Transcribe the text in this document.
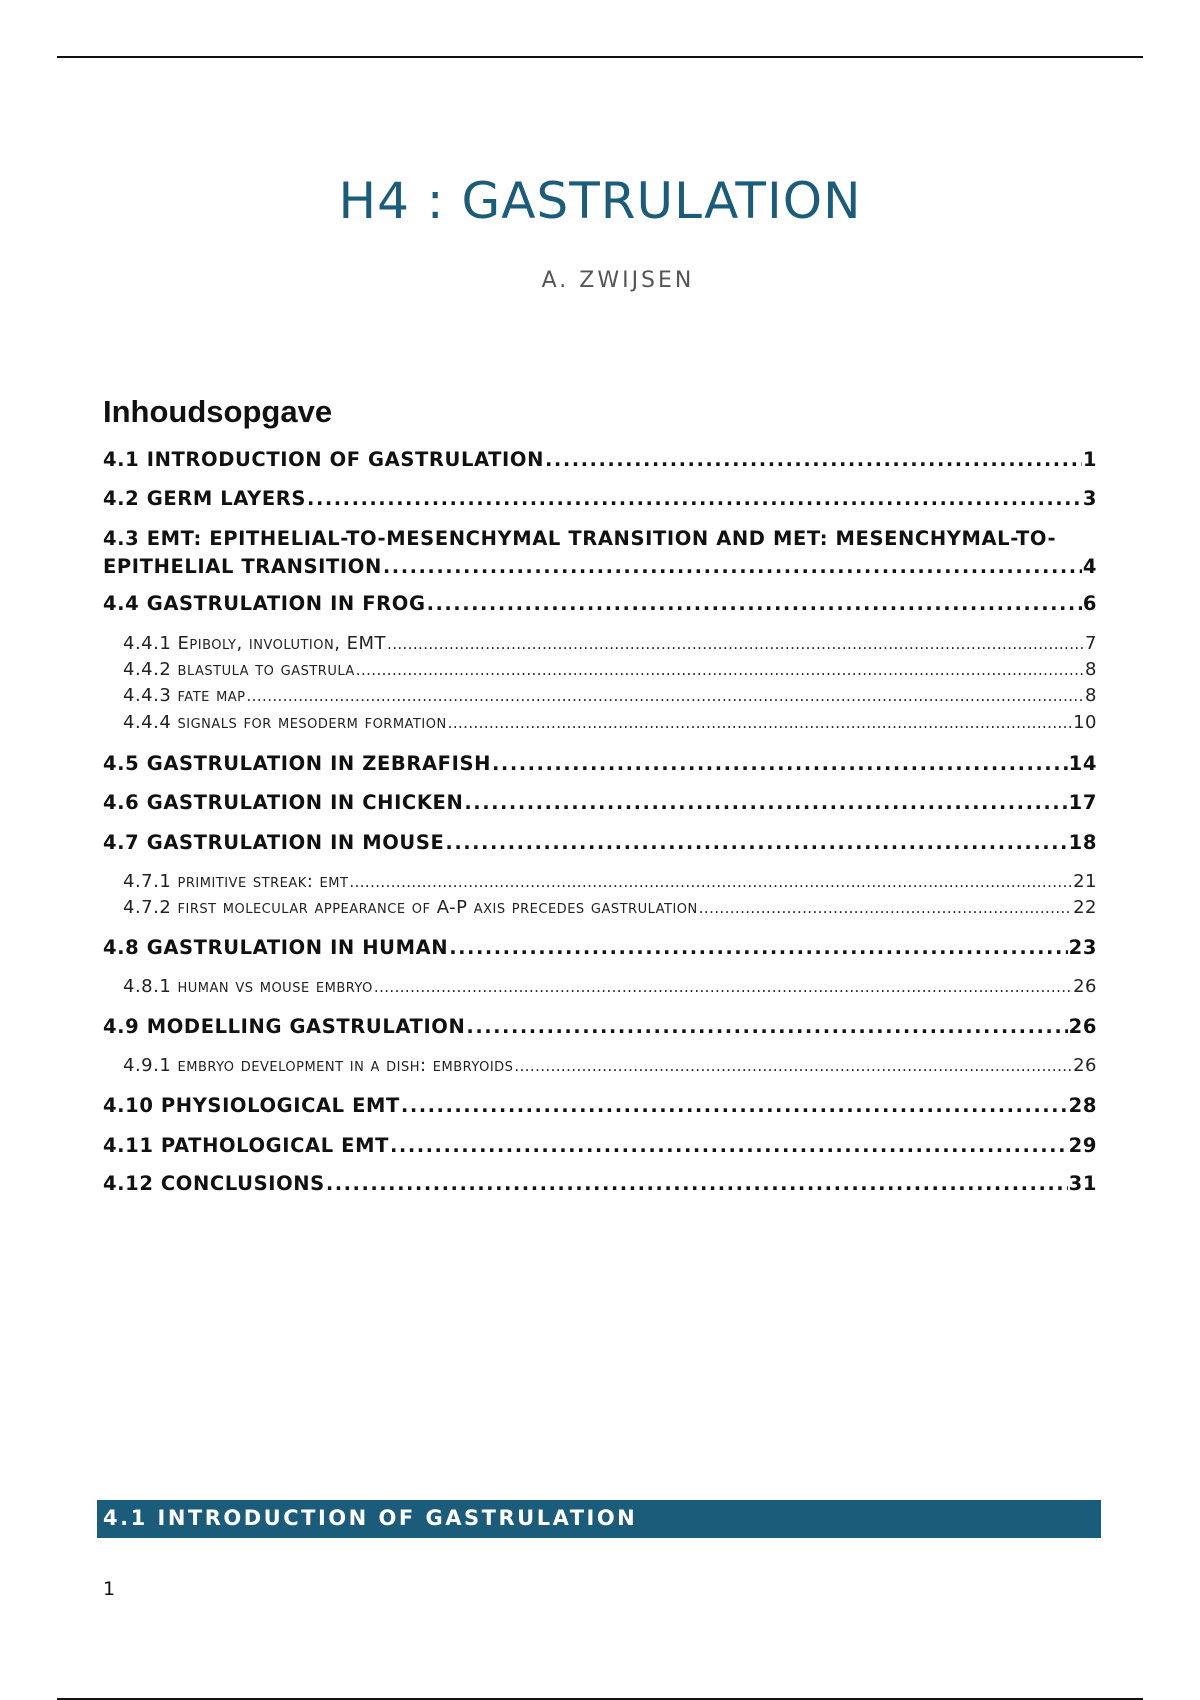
H4 : GASTRULATION
A. ZWIJSEN
Inhoudsopgave
4.1 INTRODUCTION OF GASTRULATION .....	1
4.2 GERM LAYERS .....	3
4.3 EMT: EPITHELIAL-TO-MESENCHYMAL TRANSITION AND MET: MESENCHYMAL-TO-
EPITHELIAL TRANSITION .....	4
4.4 GASTRULATION IN FROG .....	6
4.4.1 Epiboly, involution, EMT .....	7
4.4.2 blastula to gastrula .....	8
4.4.3 fate map .....	8
4.4.4 signals for mesoderm formation .....	10
4.5 GASTRULATION IN ZEBRAFISH .....	14
4.6 GASTRULATION IN CHICKEN .....	17
4.7 GASTRULATION IN MOUSE .....	18
4.7.1 primitive streak: emt .....	21
4.7.2 first molecular appearance of A-P axis precedes gastrulation .....	22
4.8 GASTRULATION IN HUMAN .....	23
4.8.1 human vs mouse embryo .....	26
4.9 MODELLING GASTRULATION .....	26
4.9.1 embryo development in a dish: embryoids .....	26
4.10 PHYSIOLOGICAL EMT .....	28
4.11 PATHOLOGICAL EMT .....	29
4.12 CONCLUSIONS .....	31
4.1 INTRODUCTION OF GASTRULATION
1
